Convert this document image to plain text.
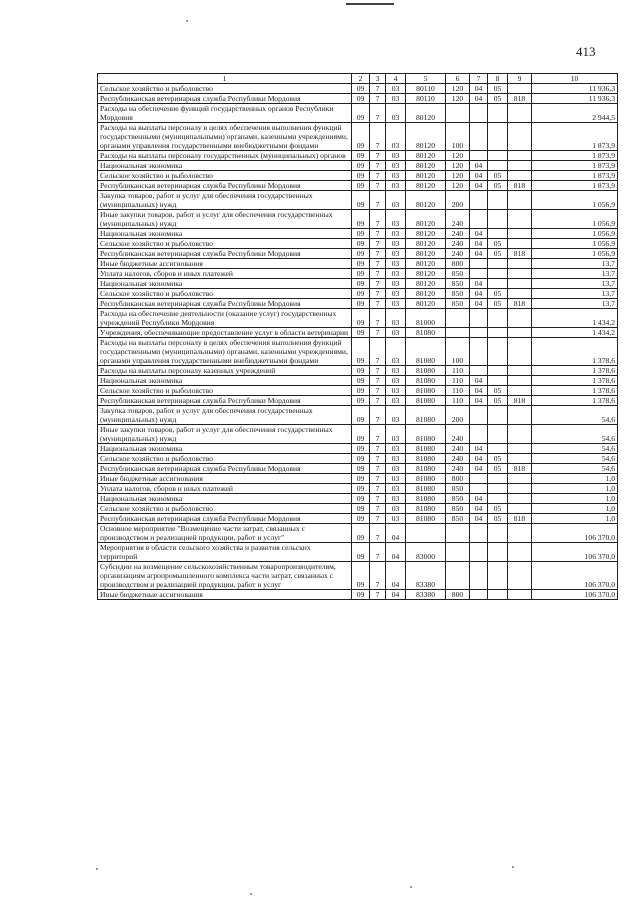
413
1	2	3	4	5	6	7	8	9	10
Сельское хозяйство и рыболовство	09	7	03	80110	120	04	05		11 936,3
Республиканская ветеринарная служба Республики Мордовия	09	7	03	80110	120	04	05	818	11 936,3
Расходы на обеспечение функций государственных органов Республики Мордовия	09	7	03	80120					2 944,5
Расходы на выплаты персоналу в целях обеспечения выполнения функций государственными (муниципальными) органами, казенными учреждениями, органами управления государственными внебюджетными фондами	09	7	03	80120	100				1 873,9
Расходы на выплаты персоналу государственных (муниципальных) органов	09	7	03	80120	120				1 873,9
Национальная экономика	09	7	03	80120	120	04			1 873,9
Сельское хозяйство и рыболовство	09	7	03	80120	120	04	05		1 873,9
Республиканская ветеринарная служба Республики Мордовия	09	7	03	80120	120	04	05	818	1 873,9
Закупка товаров, работ и услуг для обеспечения государственных (муниципальных) нужд	09	7	03	80120	200				1 056,9
Иные закупки товаров, работ и услуг для обеспечения государственных (муниципальных) нужд	09	7	03	80120	240				1 056,9
Национальная экономика	09	7	03	80120	240	04			1 056,9
Сельское хозяйство и рыболовство	09	7	03	80120	240	04	05		1 056,9
Республиканская ветеринарная служба Республики Мордовия	09	7	03	80120	240	04	05	818	1 056,9
Иные бюджетные ассигнования	09	7	03	80120	800				13,7
Уплата налогов, сборов и иных платежей	09	7	03	80120	850				13,7
Национальная экономика	09	7	03	80120	850	04			13,7
Сельское хозяйство и рыболовство	09	7	03	80120	850	04	05		13,7
Республиканская ветеринарная служба Республики Мордовия	09	7	03	80120	850	04	05	818	13,7
Расходы на обеспечение деятельности (оказание услуг) государственных учреждений Республики Мордовия	09	7	03	81000					1 434,2
Учреждения, обеспечивающие предоставление услуг в области ветеринарии	09	7	03	81080					1 434,2
Расходы на выплаты персоналу в целях обеспечения выполнения функций государственными (муниципальными) органами, казенными учреждениями, органами управления государственными внебюджетными фондами	09	7	03	81080	100				1 378,6
Расходы на выплаты персоналу казенных учреждений	09	7	03	81080	110				1 378,6
Национальная экономика	09	7	03	81080	110	04			1 378,6
Сельское хозяйство и рыболовство	09	7	03	81080	110	04	05		1 378,6
Республиканская ветеринарная служба Республики Мордовия	09	7	03	81080	110	04	05	818	1 378,6
Закупка товаров, работ и услуг для обеспечения государственных (муниципальных) нужд	09	7	03	81080	200				54,6
Иные закупки товаров, работ и услуг для обеспечения государственных (муниципальных) нужд	09	7	03	81080	240				54,6
Национальная экономика	09	7	03	81080	240	04			54,6
Сельское хозяйство и рыболовство	09	7	03	81080	240	04	05		54,6
Республиканская ветеринарная служба Республики Мордовия	09	7	03	81080	240	04	05	818	54,6
Иные бюджетные ассигнования	09	7	03	81080	800				1,0
Уплата налогов, сборов и иных платежей	09	7	03	81080	850				1,0
Национальная экономика	09	7	03	81080	850	04			1,0
Сельское хозяйство и рыболовство	09	7	03	81080	850	04	05		1,0
Республиканская ветеринарная служба Республики Мордовия	09	7	03	81080	850	04	05	818	1,0
Основное мероприятие "Возмещение части затрат, связанных с производством и реализацией продукции, работ и услуг"	09	7	04						106 370,0
Мероприятия в области сельского хозяйства и развития сельских территорий	09	7	04	83000					106 370,0
Субсидии на возмещение сельскохозяйственным товаропроизводителям, организациям агропромышленного комплекса части затрат, связанных с производством и реализацией продукции, работ и услуг	09	7	04	83380					106 370,0
Иные бюджетные ассигнования	09	7	04	83380	800				106 370,0
